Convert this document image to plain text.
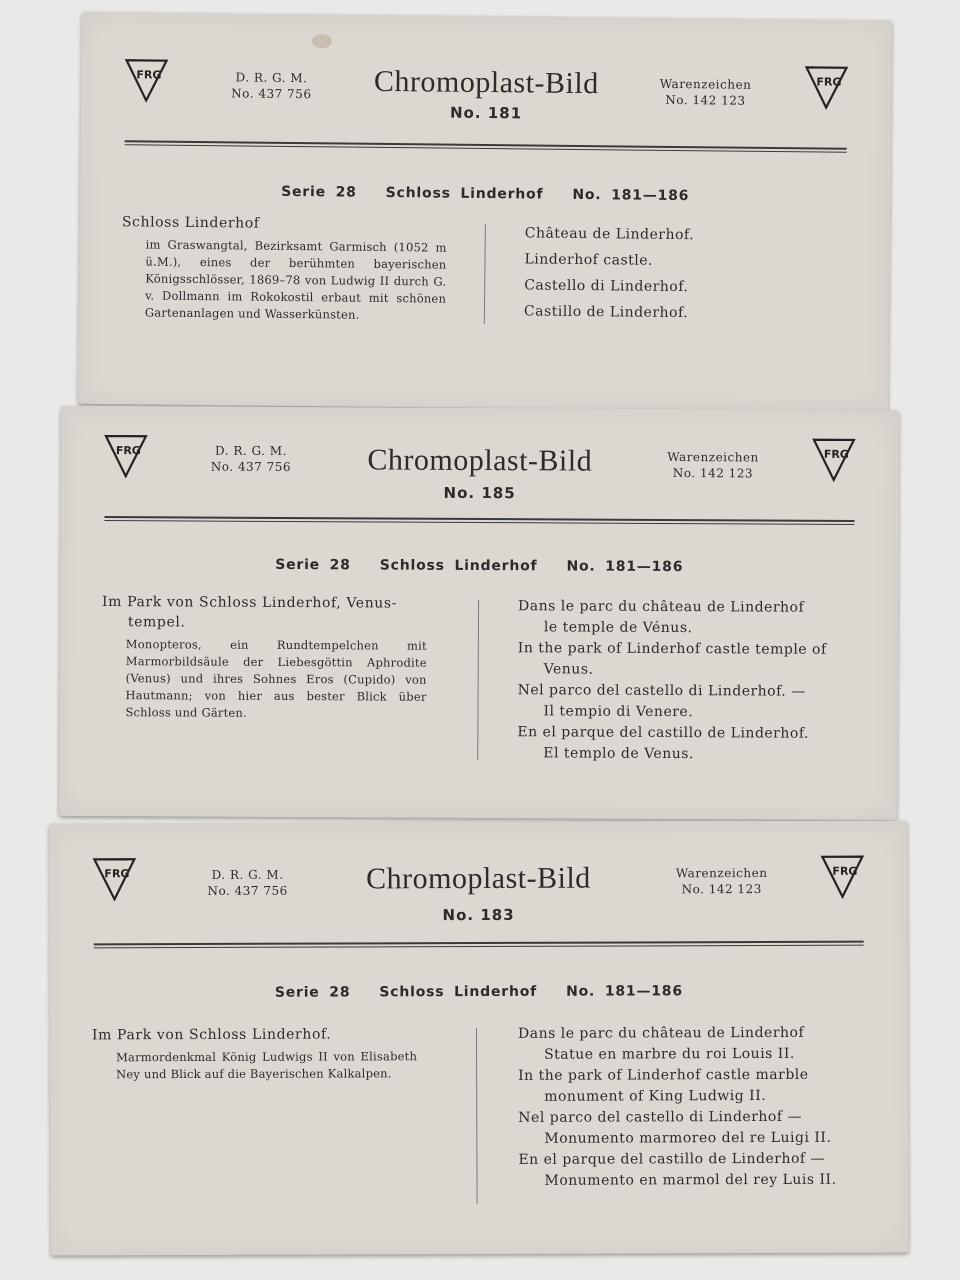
FRG
FRG
D. R. G. M.
No. 437 756	Chromoplast-Bild
No. 181
Warenzeichen
No. 142 123
Serie 28   Schloss Linderhof   No. 181—186

Schloss Linderhof

im Graswangtal, Bezirksamt Garmisch (1052 m ü.M.), eines der berühmten bayerischen Königsschlösser, 1869–78 von Ludwig II durch G. v. Dollmann im Rokokostil erbaut mit schönen Gartenanlagen und Wasserkünsten.

Château de Linderhof.

Linderhof castle.

Castello di Linderhof.

Castillo de Linderhof.

FRG	FRG
D. R. G. M.
No. 437 756	Chromoplast-Bild
No. 185
Warenzeichen
No. 142 123
Serie 28   Schloss Linderhof   No. 181—186

Im Park von Schloss Linderhof, Venus-

tempel.

Monopteros, ein Rundtempelchen mit Marmorbildsäule der Liebesgöttin Aphrodite (Venus) und ihres Sohnes Eros (Cupido) von Hautmann; von hier aus bester Blick über Schloss und Gärten.

Dans le parc du château de Linderhof

le temple de Vénus.

In the park of Linderhof castle temple of

Venus.

Nel parco del castello di Linderhof. —

Il tempio di Venere.

En el parque del castillo de Linderhof.

El templo de Venus.

FRG	FRG
D. R. G. M.
No. 437 756	Chromoplast-Bild
No. 183
Warenzeichen
No. 142 123
Serie 28   Schloss Linderhof   No. 181—186

Im Park von Schloss Linderhof.

Marmordenkmal König Ludwigs II von Elisabeth Ney und Blick auf die Bayerischen Kalkalpen.

Dans le parc du château de Linderhof

Statue en marbre du roi Louis II.

In the park of Linderhof castle marble

monument of King Ludwig II.

Nel parco del castello di Linderhof —

Monumento marmoreo del re Luigi II.

En el parque del castillo de Linderhof —

Monumento en marmol del rey Luis II.
